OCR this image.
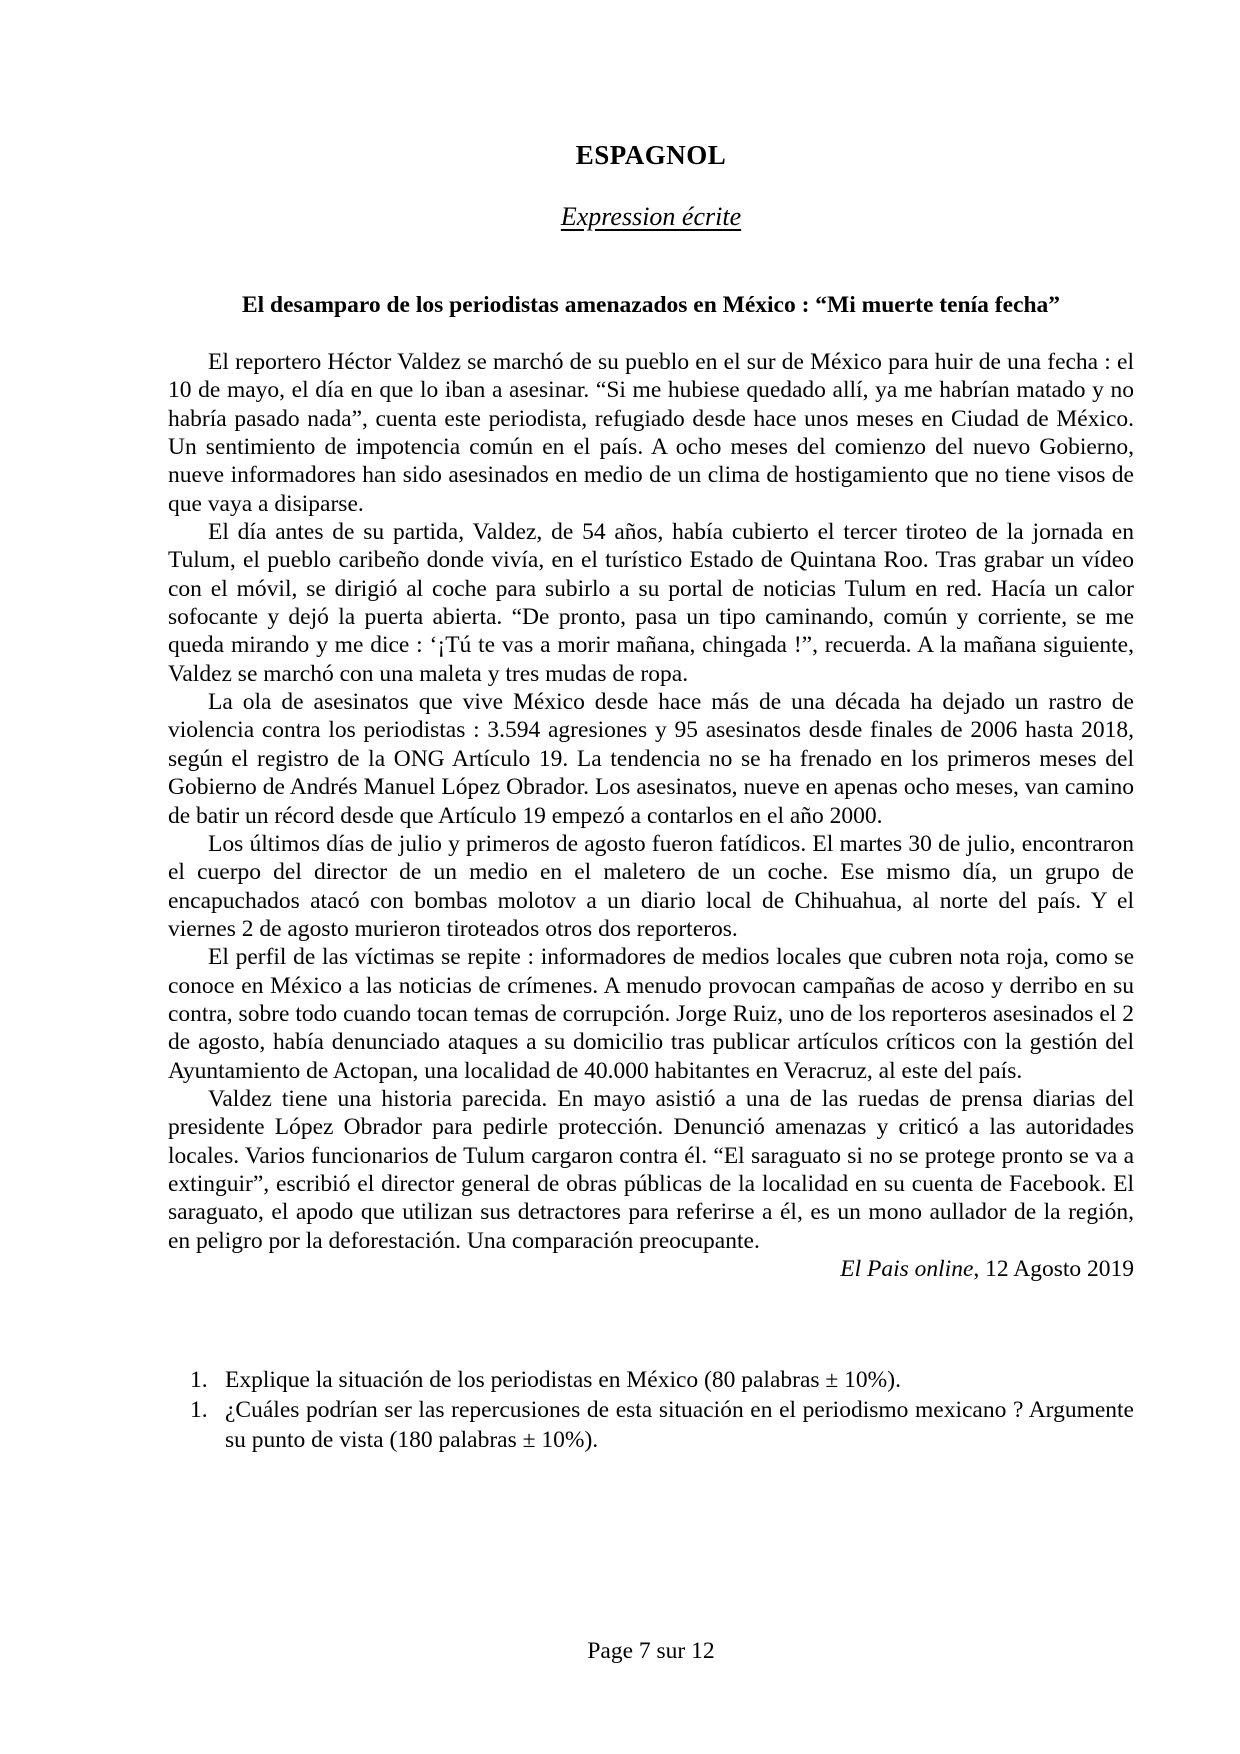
ESPAGNOL
Expression écrite
El desamparo de los periodistas amenazados en México : “Mi muerte tenía fecha”

El reportero Héctor Valdez se marchó de su pueblo en el sur de México para huir de una fecha : el 10 de mayo, el día en que lo iban a asesinar. “Si me hubiese quedado allí, ya me habrían matado y no habría pasado nada”, cuenta este periodista, refugiado desde hace unos meses en Ciudad de México. Un sentimiento de impotencia común en el país. A ocho meses del comienzo del nuevo Gobierno, nueve informadores han sido asesinados en medio de un clima de hostigamiento que no tiene visos de que vaya a disiparse.

El día antes de su partida, Valdez, de 54 años, había cubierto el tercer tiroteo de la jornada en Tulum, el pueblo caribeño donde vivía, en el turístico Estado de Quintana Roo. Tras grabar un vídeo con el móvil, se dirigió al coche para subirlo a su portal de noticias Tulum en red. Hacía un calor sofocante y dejó la puerta abierta. “De pronto, pasa un tipo caminando, común y corriente, se me queda mirando y me dice : ‘¡Tú te vas a morir mañana, chingada !”, recuerda. A la mañana siguiente, Valdez se marchó con una maleta y tres mudas de ropa.

La ola de asesinatos que vive México desde hace más de una década ha dejado un rastro de violencia contra los periodistas : 3.594 agresiones y 95 asesinatos desde finales de 2006 hasta 2018, según el registro de la ONG Artículo 19. La tendencia no se ha frenado en los primeros meses del Gobierno de Andrés Manuel López Obrador. Los asesinatos, nueve en apenas ocho meses, van camino de batir un récord desde que Artículo 19 empezó a contarlos en el año 2000.

Los últimos días de julio y primeros de agosto fueron fatídicos. El martes 30 de julio, encontraron el cuerpo del director de un medio en el maletero de un coche. Ese mismo día, un grupo de encapuchados atacó con bombas molotov a un diario local de Chihuahua, al norte del país. Y el viernes 2 de agosto murieron tiroteados otros dos reporteros.

El perfil de las víctimas se repite : informadores de medios locales que cubren nota roja, como se conoce en México a las noticias de crímenes. A menudo provocan campañas de acoso y derribo en su contra, sobre todo cuando tocan temas de corrupción. Jorge Ruiz, uno de los reporteros asesinados el 2 de agosto, había denunciado ataques a su domicilio tras publicar artículos críticos con la gestión del Ayuntamiento de Actopan, una localidad de 40.000 habitantes en Veracruz, al este del país.

Valdez tiene una historia parecida. En mayo asistió a una de las ruedas de prensa diarias del presidente López Obrador para pedirle protección. Denunció amenazas y criticó a las autoridades locales. Varios funcionarios de Tulum cargaron contra él. “El saraguato si no se protege pronto se va a extinguir”, escribió el director general de obras públicas de la localidad en su cuenta de Facebook. El saraguato, el apodo que utilizan sus detractores para referirse a él, es un mono aullador de la región, en peligro por la deforestación. Una comparación preocupante.

El Pais online, 12 Agosto 2019

1. Explique la situación de los periodistas en México (80 palabras ± 10%).

1. ¿Cuáles podrían ser las repercusiones de esta situación en el periodismo mexicano ? Argumente su punto de vista (180 palabras ± 10%).

Page 7 sur 12
